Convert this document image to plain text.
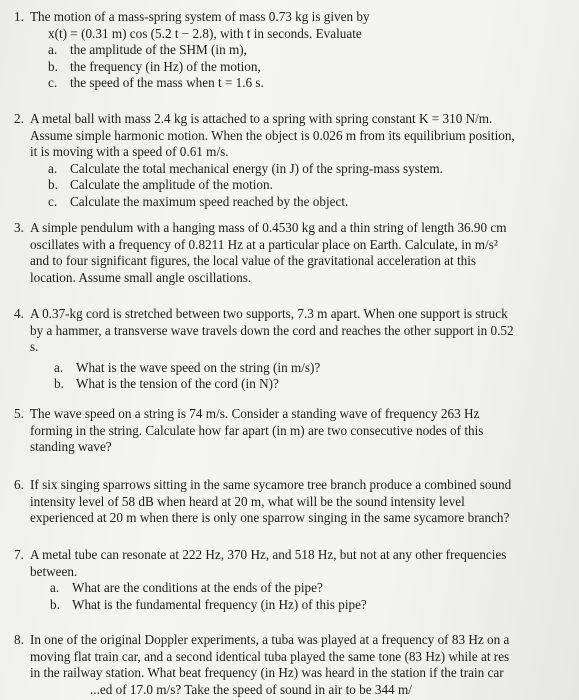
1. The motion of a mass-spring system of mass 0.73 kg is given by
x(t) = (0.31 m) cos (5.2 t − 2.8), with t in seconds. Evaluate
a. the amplitude of the SHM (in m),
b. the frequency (in Hz) of the motion,
c. the speed of the mass when t = 1.6 s.
2. A metal ball with mass 2.4 kg is attached to a spring with spring constant K = 310 N/m.
Assume simple harmonic motion. When the object is 0.026 m from its equilibrium position,
it is moving with a speed of 0.61 m/s.
a. Calculate the total mechanical energy (in J) of the spring-mass system.
b. Calculate the amplitude of the motion.
c. Calculate the maximum speed reached by the object.
3. A simple pendulum with a hanging mass of 0.4530 kg and a thin string of length 36.90 cm
oscillates with a frequency of 0.8211 Hz at a particular place on Earth. Calculate, in m/s²
and to four significant figures, the local value of the gravitational acceleration at this
location. Assume small angle oscillations.
4. A 0.37-kg cord is stretched between two supports, 7.3 m apart. When one support is struck
by a hammer, a transverse wave travels down the cord and reaches the other support in 0.52
s.
a. What is the wave speed on the string (in m/s)?
b. What is the tension of the cord (in N)?
5. The wave speed on a string is 74 m/s. Consider a standing wave of frequency 263 Hz
forming in the string. Calculate how far apart (in m) are two consecutive nodes of this
standing wave?
6. If six singing sparrows sitting in the same sycamore tree branch produce a combined sound
intensity level of 58 dB when heard at 20 m, what will be the sound intensity level
experienced at 20 m when there is only one sparrow singing in the same sycamore branch?
7. A metal tube can resonate at 222 Hz, 370 Hz, and 518 Hz, but not at any other frequencies
between.
a. What are the conditions at the ends of the pipe?
b. What is the fundamental frequency (in Hz) of this pipe?
8. In one of the original Doppler experiments, a tuba was played at a frequency of 83 Hz on a
moving flat train car, and a second identical tuba played the same tone (83 Hz) while at res
in the railway station. What beat frequency (in Hz) was heard in the station if the train car
...ed of 17.0 m/s? Take the speed of sound in air to be 344 m/
